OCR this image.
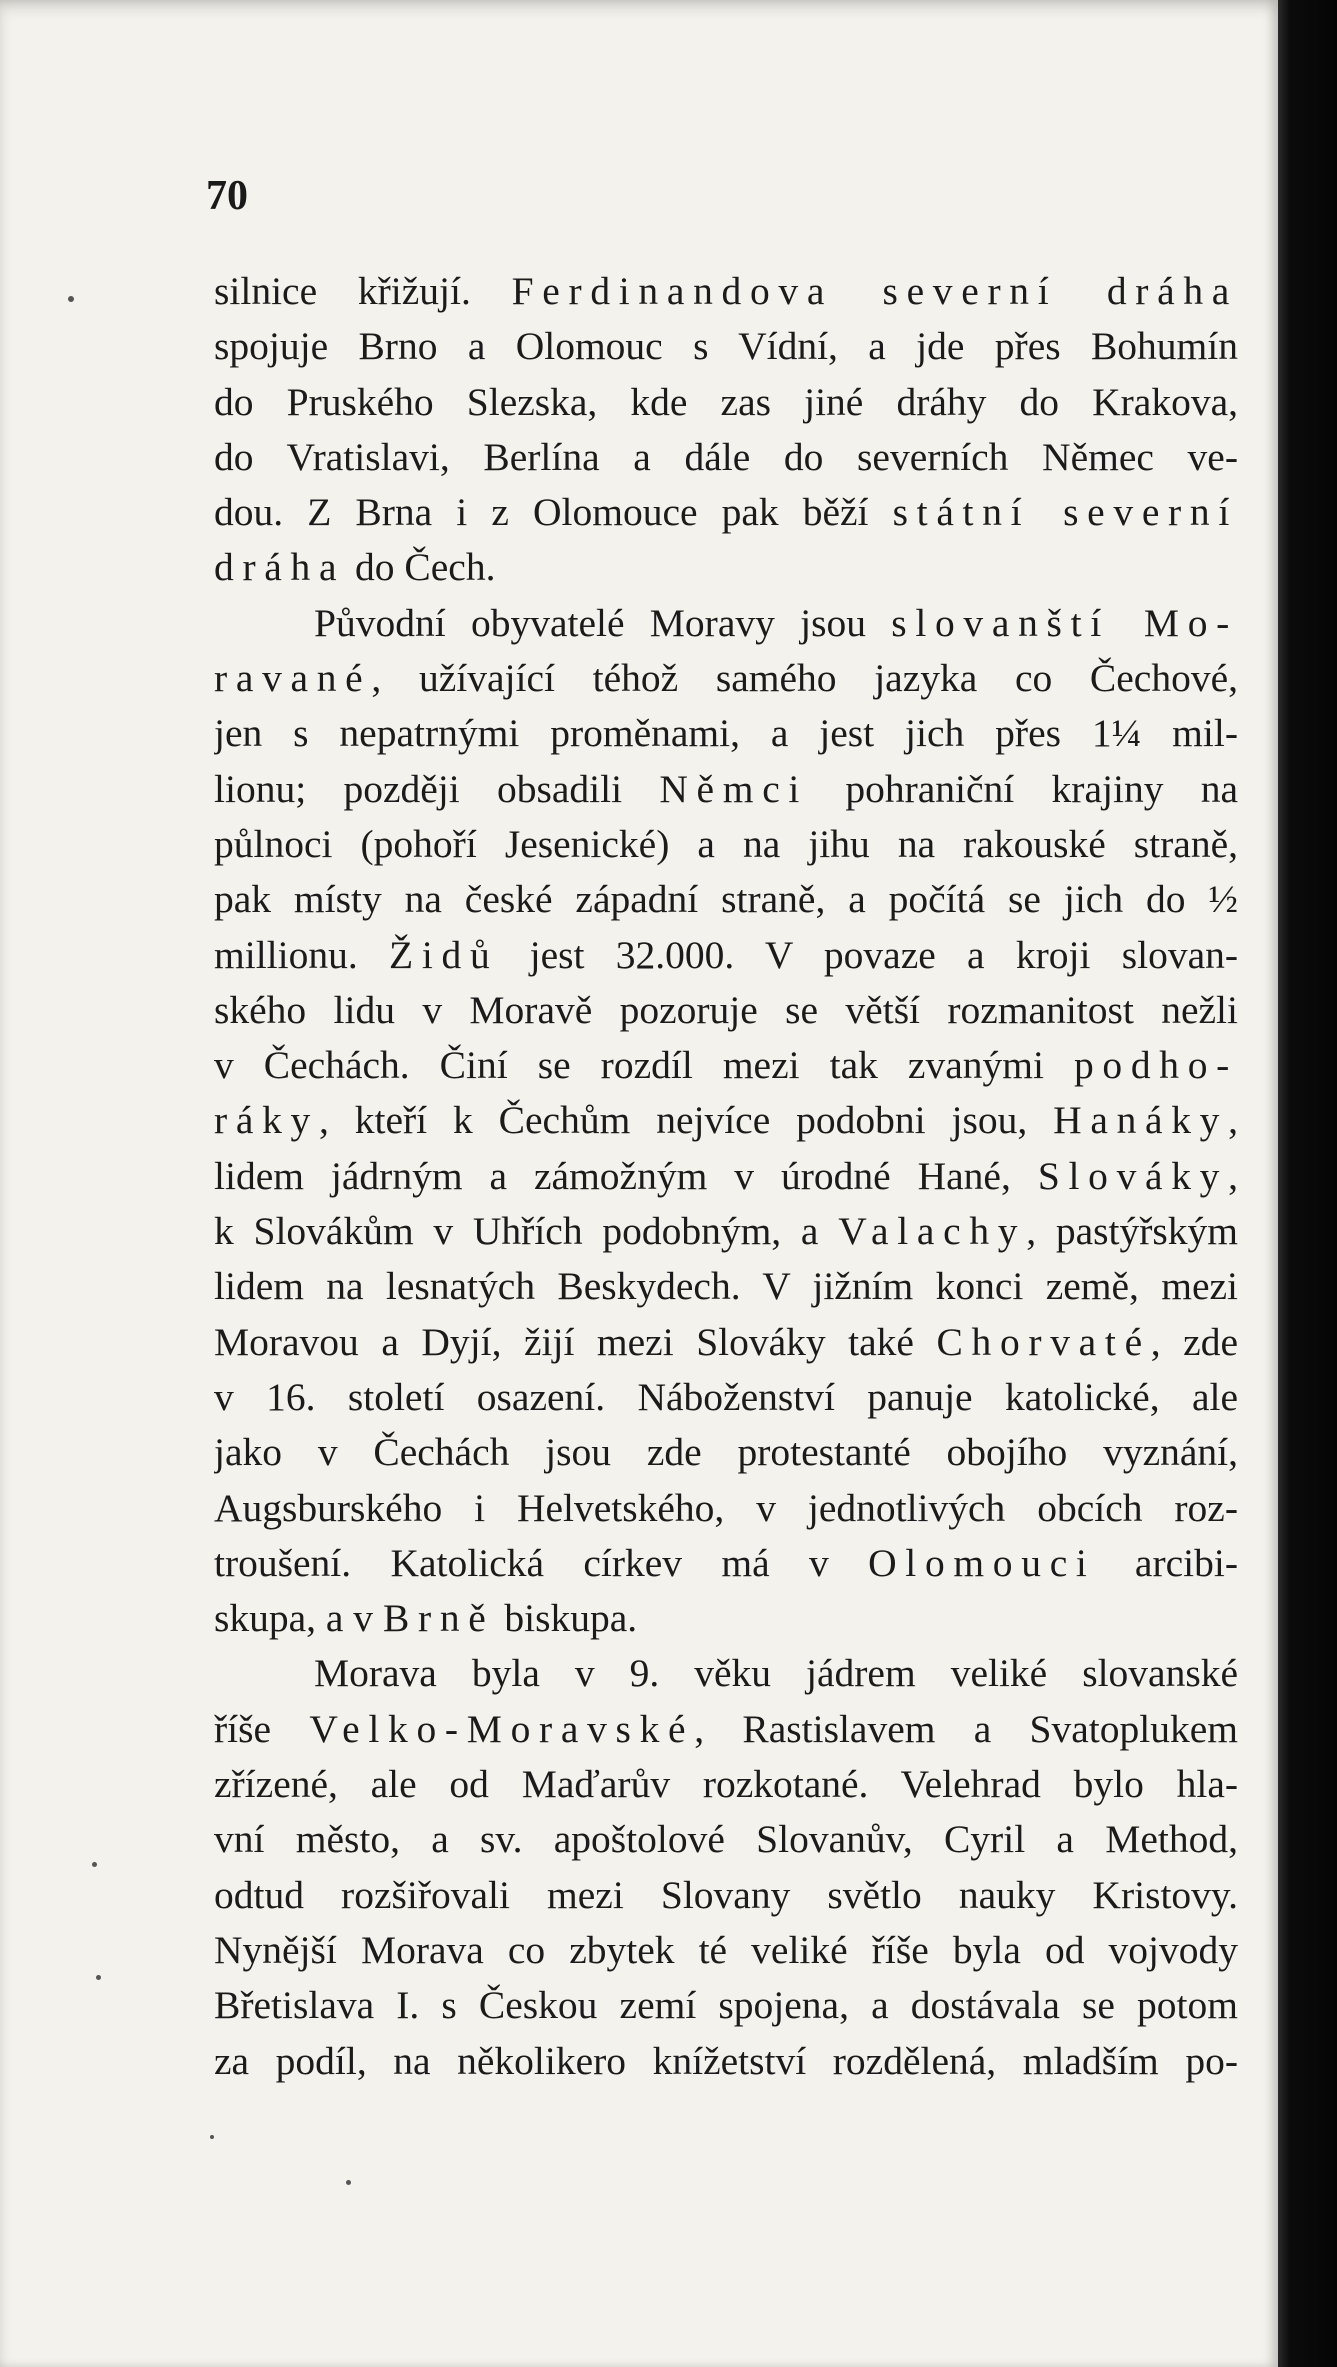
70
silnice křižují. Ferdinandova severní dráha
spojuje Brno a Olomouc s Vídní, a jde přes Bohumín
do Pruského Slezska, kde zas jiné dráhy do Krakova,
do Vratislavi, Berlína a dále do severních Němec ve-
dou. Z Brna i z Olomouce pak běží státní severní
dráha do Čech.
Původní obyvatelé Moravy jsou slovanští Mo-
ravané, užívající téhož samého jazyka co Čechové,
jen s nepatrnými proměnami, a jest jich přes 1¼ mil-
lionu; později obsadili Němci pohraniční krajiny na
půlnoci (pohoří Jesenické) a na jihu na rakouské straně,
pak místy na české západní straně, a počítá se jich do ½
millionu. Židů jest 32.000. V povaze a kroji slovan-
ského lidu v Moravě pozoruje se větší rozmanitost nežli
v Čechách. Činí se rozdíl mezi tak zvanými podho-
ráky, kteří k Čechům nejvíce podobni jsou, Hanáky,
lidem jádrným a zámožným v úrodné Hané, Slováky,
k Slovákům v Uhřích podobným, a Valachy, pastýřským
lidem na lesnatých Beskydech. V jižním konci země, mezi
Moravou a Dyjí, žijí mezi Slováky také Chorvaté, zde
v 16. století osazení. Náboženství panuje katolické, ale
jako v Čechách jsou zde protestanté obojího vyznání,
Augsburského i Helvetského, v jednotlivých obcích roz-
troušení. Katolická církev má v Olomouci arcibi-
skupa, a v Brně biskupa.
Morava byla v 9. věku jádrem veliké slovanské
říše Velko-Moravské, Rastislavem a Svatoplukem
zřízené, ale od Maďarův rozkotané. Velehrad bylo hla-
vní město, a sv. apoštolové Slovanův, Cyril a Method,
odtud rozšiřovali mezi Slovany světlo nauky Kristovy.
Nynější Morava co zbytek té veliké říše byla od vojvody
Břetislava I. s Českou zemí spojena, a dostávala se potom
za podíl, na několikero knížetství rozdělená, mladším po-
